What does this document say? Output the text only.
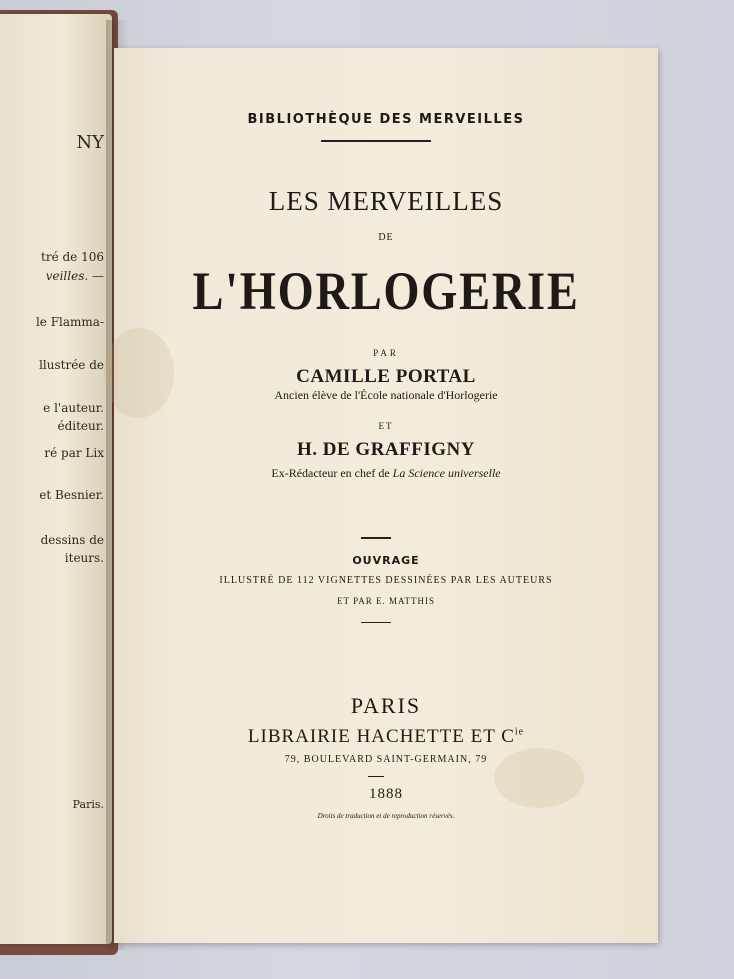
NY
tré de 106
veilles. —
le Flamma-
llustrée de
e l'auteur.
éditeur.
ré par Lix
et Besnier.
dessins de
iteurs.
Paris.
BIBLIOTHÈQUE DES MERVEILLES
LES MERVEILLES
DE
L'HORLOGERIE
PAR
CAMILLE PORTAL
Ancien élève de l'École nationale d'Horlogerie
ET
H. DE GRAFFIGNY
Ex-Rédacteur en chef de La Science universelle
OUVRAGE
ILLUSTRÉ DE 112 VIGNETTES DESSINÉES PAR LES AUTEURS
ET PAR E. MATTHIS
PARIS
LIBRAIRIE HACHETTE ET $C^{ie}$
79, BOULEVARD SAINT-GERMAIN, 79
1888
Droits de traduction et de reproduction réservés.
